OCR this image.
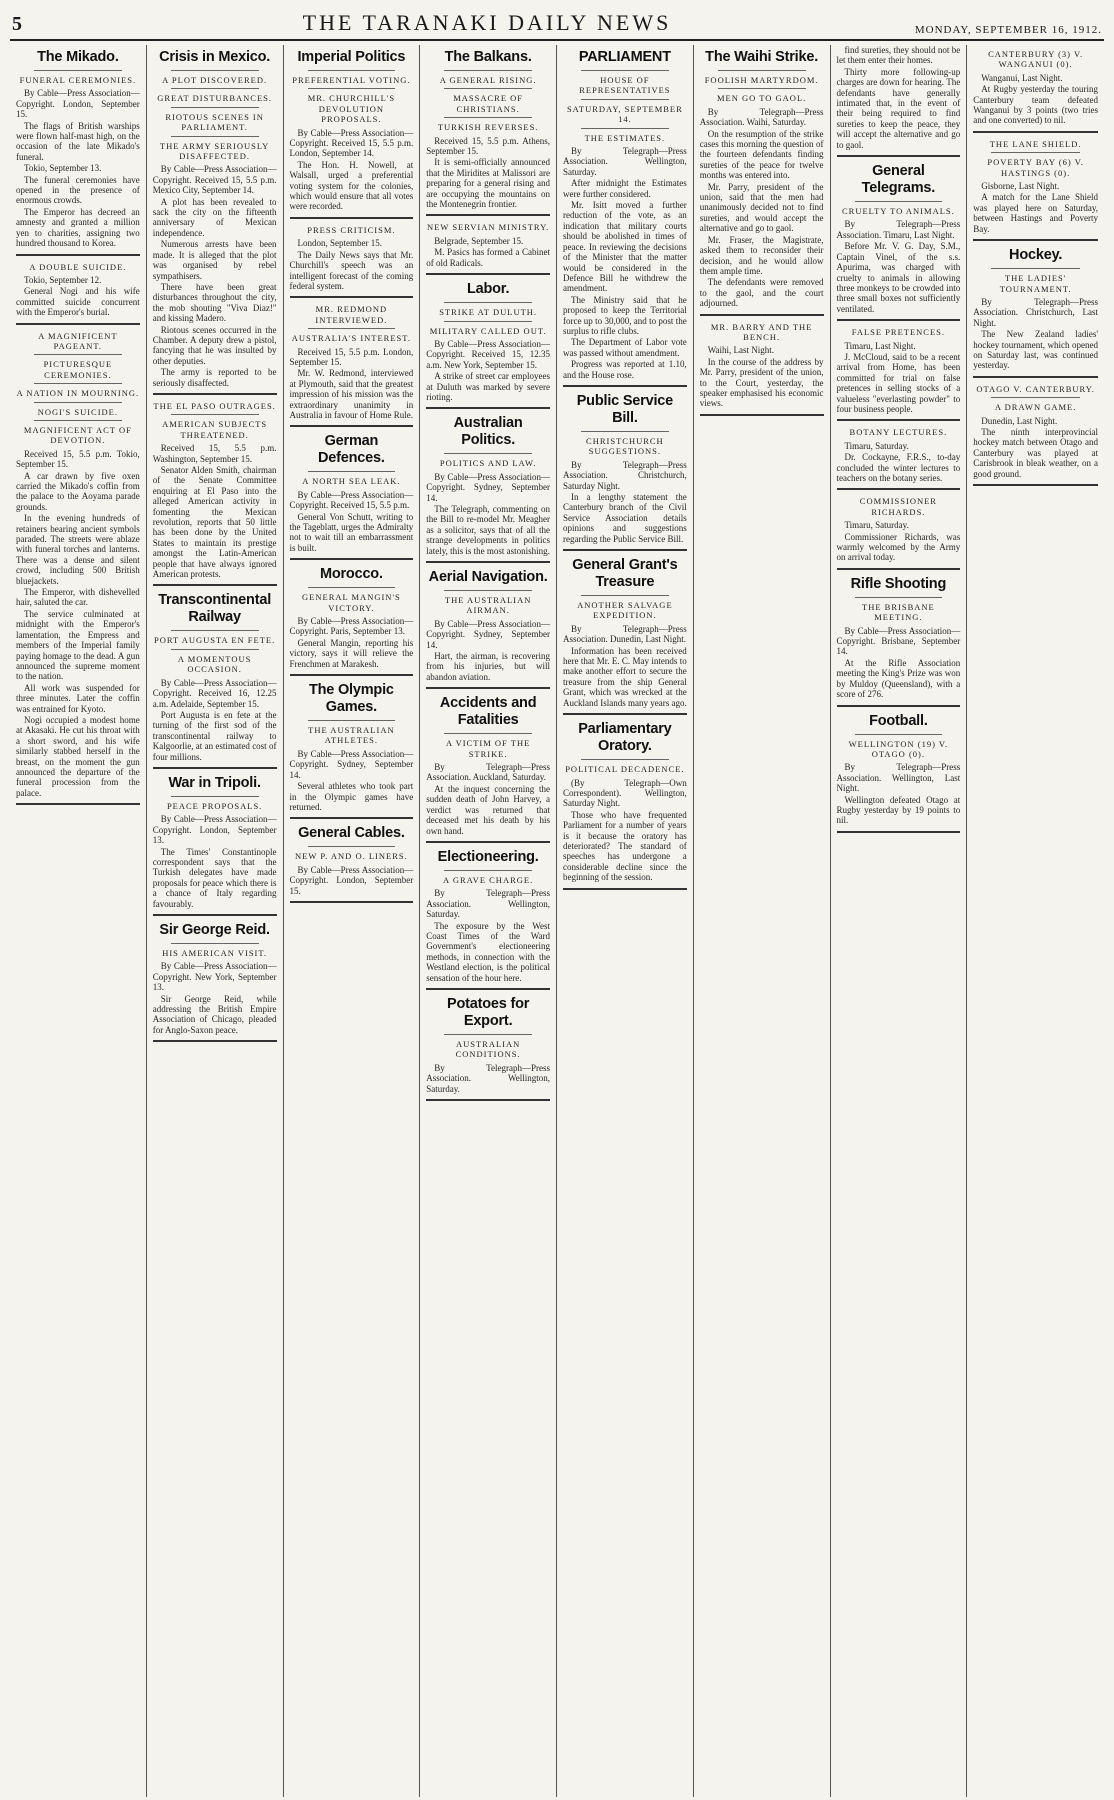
5	THE TARANAKI DAILY NEWS	MONDAY, SEPTEMBER 16, 1912.
The Mikado.
FUNERAL CEREMONIES.

By Cable—Press Association—Copyright. London, September 15.

The flags of British warships were flown half-mast high, on the occasion of the late Mikado's funeral.

Tokio, September 13.

The funeral ceremonies have opened in the presence of enormous crowds.

The Emperor has decreed an amnesty and granted a million yen to charities, assigning two hundred thousand to Korea.

A DOUBLE SUICIDE.

Tokio, September 12.

General Nogi and his wife committed suicide concurrent with the Emperor's burial.

A MAGNIFICENT PAGEANT.
PICTURESQUE CEREMONIES.
A NATION IN MOURNING.
NOGI'S SUICIDE.
MAGNIFICENT ACT OF DEVOTION.

Received 15, 5.5 p.m. Tokio, September 15.

A car drawn by five oxen carried the Mikado's coffin from the palace to the Aoyama parade grounds.

In the evening hundreds of retainers bearing ancient symbols paraded. The streets were ablaze with funeral torches and lanterns. There was a dense and silent crowd, including 500 British bluejackets.

The Emperor, with dishevelled hair, saluted the car.

The service culminated at midnight with the Emperor's lamentation, the Empress and members of the Imperial family paying homage to the dead. A gun announced the supreme moment to the nation.

All work was suspended for three minutes. Later the coffin was entrained for Kyoto.

Nogi occupied a modest home at Akasaki. He cut his throat with a short sword, and his wife similarly stabbed herself in the breast, on the moment the gun announced the departure of the funeral procession from the palace.

Crisis in Mexico.
A PLOT DISCOVERED.
GREAT DISTURBANCES.
RIOTOUS SCENES IN PARLIAMENT.
THE ARMY SERIOUSLY DISAFFECTED.

By Cable—Press Association—Copyright. Received 15, 5.5 p.m. Mexico City, September 14.

A plot has been revealed to sack the city on the fifteenth anniversary of Mexican independence.

Numerous arrests have been made. It is alleged that the plot was organised by rebel sympathisers.

There have been great disturbances throughout the city, the mob shouting "Viva Diaz!" and kissing Madero.

Riotous scenes occurred in the Chamber. A deputy drew a pistol, fancying that he was insulted by other deputies.

The army is reported to be seriously disaffected.

THE EL PASO OUTRAGES.
AMERICAN SUBJECTS THREATENED.

Received 15, 5.5 p.m. Washington, September 15.

Senator Alden Smith, chairman of the Senate Committee enquiring at El Paso into the alleged American activity in fomenting the Mexican revolution, reports that 50 little has been done by the United States to maintain its prestige amongst the Latin-American people that have always ignored American protests.

Transcontinental Railway
PORT AUGUSTA EN FETE.
A MOMENTOUS OCCASION.

By Cable—Press Association—Copyright. Received 16, 12.25 a.m. Adelaide, September 15.

Port Augusta is en fete at the turning of the first sod of the transcontinental railway to Kalgoorlie, at an estimated cost of four millions.

War in Tripoli.
PEACE PROPOSALS.

By Cable—Press Association—Copyright. London, September 13.

The Times' Constantinople correspondent says that the Turkish delegates have made proposals for peace which there is a chance of Italy regarding favourably.

Sir George Reid.
HIS AMERICAN VISIT.

By Cable—Press Association—Copyright. New York, September 13.

Sir George Reid, while addressing the British Empire Association of Chicago, pleaded for Anglo-Saxon peace.

Imperial Politics
PREFERENTIAL VOTING.
MR. CHURCHILL'S DEVOLUTION PROPOSALS.

By Cable—Press Association—Copyright. Received 15, 5.5 p.m. London, September 14.

The Hon. H. Nowell, at Walsall, urged a preferential voting system for the colonies, which would ensure that all votes were recorded.

PRESS CRITICISM.

London, September 15.

The Daily News says that Mr. Churchill's speech was an intelligent forecast of the coming federal system.

MR. REDMOND INTERVIEWED.
AUSTRALIA'S INTEREST.

Received 15, 5.5 p.m. London, September 15.

Mr. W. Redmond, interviewed at Plymouth, said that the greatest impression of his mission was the extraordinary unanimity in Australia in favour of Home Rule.

German Defences.
A NORTH SEA LEAK.

By Cable—Press Association—Copyright. Received 15, 5.5 p.m.

General Von Schutt, writing to the Tageblatt, urges the Admiralty not to wait till an embarrassment is built.

Morocco.
GENERAL MANGIN'S VICTORY.

By Cable—Press Association—Copyright. Paris, September 13.

General Mangin, reporting his victory, says it will relieve the Frenchmen at Marakesh.

The Olympic Games.
THE AUSTRALIAN ATHLETES.

By Cable—Press Association—Copyright. Sydney, September 14.

Several athletes who took part in the Olympic games have returned.

General Cables.
NEW P. AND O. LINERS.

By Cable—Press Association—Copyright. London, September 15.

The Balkans.
A GENERAL RISING.
MASSACRE OF CHRISTIANS.
TURKISH REVERSES.

Received 15, 5.5 p.m. Athens, September 15.

It is semi-officially announced that the Miridites at Malissori are preparing for a general rising and are occupying the mountains on the Montenegrin frontier.

NEW SERVIAN MINISTRY.

Belgrade, September 15.

M. Pasics has formed a Cabinet of old Radicals.

Labor.
STRIKE AT DULUTH.
MILITARY CALLED OUT.

By Cable—Press Association—Copyright. Received 15, 12.35 a.m. New York, September 15.

A strike of street car employees at Duluth was marked by severe rioting.

Australian Politics.
POLITICS AND LAW.

By Cable—Press Association—Copyright. Sydney, September 14.

The Telegraph, commenting on the Bill to re-model Mr. Meagher as a solicitor, says that of all the strange developments in politics lately, this is the most astonishing.

Aerial Navigation.
THE AUSTRALIAN AIRMAN.

By Cable—Press Association—Copyright. Sydney, September 14.

Hart, the airman, is recovering from his injuries, but will abandon aviation.

Accidents and Fatalities
A VICTIM OF THE STRIKE.

By Telegraph—Press Association. Auckland, Saturday.

At the inquest concerning the sudden death of John Harvey, a verdict was returned that deceased met his death by his own hand.

Electioneering.
A GRAVE CHARGE.

By Telegraph—Press Association. Wellington, Saturday.

The exposure by the West Coast Times of the Ward Government's electioneering methods, in connection with the Westland election, is the political sensation of the hour here.

Potatoes for Export.
AUSTRALIAN CONDITIONS.

By Telegraph—Press Association. Wellington, Saturday.

PARLIAMENT
HOUSE OF REPRESENTATIVES
SATURDAY, SEPTEMBER 14.
THE ESTIMATES.

By Telegraph—Press Association. Wellington, Saturday.

After midnight the Estimates were further considered.

Mr. Isitt moved a further reduction of the vote, as an indication that military courts should be abolished in times of peace. In reviewing the decisions of the Minister that the matter would be considered in the Defence Bill he withdrew the amendment.

The Ministry said that he proposed to keep the Territorial force up to 30,000, and to post the surplus to rifle clubs.

The Department of Labor vote was passed without amendment.

Progress was reported at 1.10, and the House rose.

Public Service Bill.
CHRISTCHURCH SUGGESTIONS.

By Telegraph—Press Association. Christchurch, Saturday Night.

In a lengthy statement the Canterbury branch of the Civil Service Association details opinions and suggestions regarding the Public Service Bill.

General Grant's Treasure
ANOTHER SALVAGE EXPEDITION.

By Telegraph—Press Association. Dunedin, Last Night.

Information has been received here that Mr. E. C. May intends to make another effort to secure the treasure from the ship General Grant, which was wrecked at the Auckland Islands many years ago.

Parliamentary Oratory.
POLITICAL DECADENCE.

(By Telegraph—Own Correspondent). Wellington, Saturday Night.

Those who have frequented Parliament for a number of years is it because the oratory has deteriorated? The standard of speeches has undergone a considerable decline since the beginning of the session.

The Waihi Strike.
FOOLISH MARTYRDOM.
MEN GO TO GAOL.

By Telegraph—Press Association. Waihi, Saturday.

On the resumption of the strike cases this morning the question of the fourteen defendants finding sureties of the peace for twelve months was entered into.

Mr. Parry, president of the union, said that the men had unanimously decided not to find sureties, and would accept the alternative and go to gaol.

Mr. Fraser, the Magistrate, asked them to reconsider their decision, and he would allow them ample time.

The defendants were removed to the gaol, and the court adjourned.

MR. BARRY AND THE BENCH.

Waihi, Last Night.

In the course of the address by Mr. Parry, president of the union, to the Court, yesterday, the speaker emphasised his economic views.

find sureties, they should not be let them enter their homes.

Thirty more following-up charges are down for hearing. The defendants have generally intimated that, in the event of their being required to find sureties to keep the peace, they will accept the alternative and go to gaol.

General Telegrams.
CRUELTY TO ANIMALS.

By Telegraph—Press Association. Timaru, Last Night.

Before Mr. V. G. Day, S.M., Captain Vinel, of the s.s. Apurima, was charged with cruelty to animals in allowing three monkeys to be crowded into three small boxes not sufficiently ventilated.

FALSE PRETENCES.

Timaru, Last Night.

J. McCloud, said to be a recent arrival from Home, has been committed for trial on false pretences in selling stocks of a valueless "everlasting powder" to four business people.

BOTANY LECTURES.

Timaru, Saturday.

Dr. Cockayne, F.R.S., to-day concluded the winter lectures to teachers on the botany series.

COMMISSIONER RICHARDS.

Timaru, Saturday.

Commissioner Richards, was warmly welcomed by the Army on arrival today.

Rifle Shooting
THE BRISBANE MEETING.

By Cable—Press Association—Copyright. Brisbane, September 14.

At the Rifle Association meeting the King's Prize was won by Muldoy (Queensland), with a score of 276.

Football.
WELLINGTON (19) V. OTAGO (0).

By Telegraph—Press Association. Wellington, Last Night.

Wellington defeated Otago at Rugby yesterday by 19 points to nil.

CANTERBURY (3) V. WANGANUI (0).

Wanganui, Last Night.

At Rugby yesterday the touring Canterbury team defeated Wanganui by 3 points (two tries and one converted) to nil.

THE LANE SHIELD.
POVERTY BAY (6) V. HASTINGS (0).

Gisborne, Last Night.

A match for the Lane Shield was played here on Saturday, between Hastings and Poverty Bay.

Hockey.
THE LADIES' TOURNAMENT.

By Telegraph—Press Association. Christchurch, Last Night.

The New Zealand ladies' hockey tournament, which opened on Saturday last, was continued yesterday.

OTAGO V. CANTERBURY.
A DRAWN GAME.

Dunedin, Last Night.

The ninth interprovincial hockey match between Otago and Canterbury was played at Carisbrook in bleak weather, on a good ground.
